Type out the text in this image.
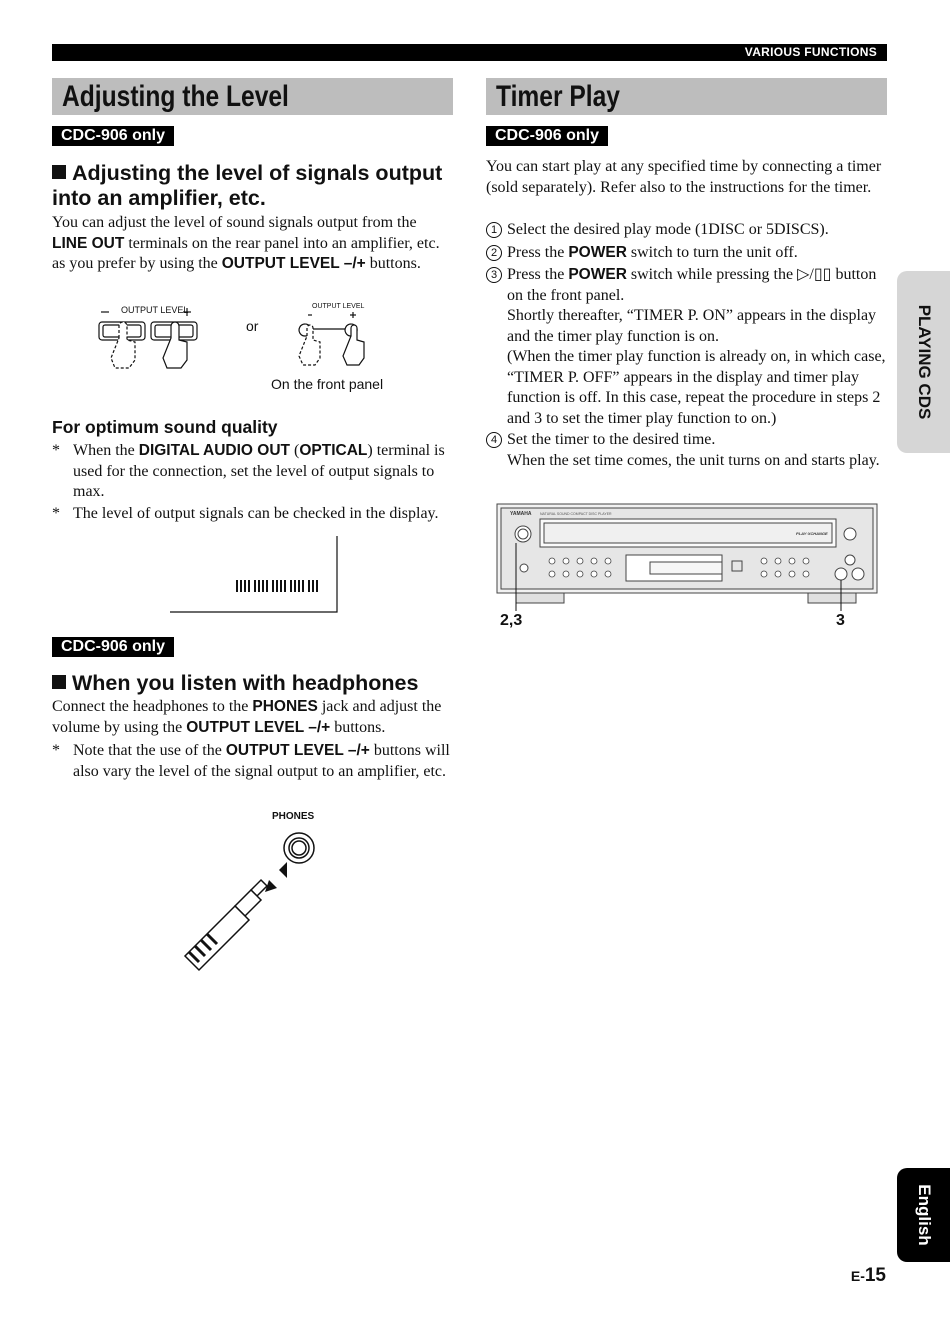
VARIOUS FUNCTIONS
Adjusting the Level
CDC-906 only
Adjusting the level of signals output into an amplifier, etc.
You can adjust the level of sound signals output from the LINE OUT terminals on the rear panel into an amplifier, etc. as you prefer by using the OUTPUT LEVEL –/+ buttons.
OUTPUT LEVEL
or
OUTPUT LEVEL
On the front panel
For optimum sound quality
* When the DIGITAL AUDIO OUT (OPTICAL) terminal is used for the connection, set the level of output signals to max.
* The level of output signals can be checked in the display.
CDC-906 only
When you listen with headphones
Connect the headphones to the PHONES jack and adjust the volume by using the OUTPUT LEVEL –/+ buttons.
* Note that the use of the OUTPUT LEVEL –/+ buttons will also vary the level of the signal output to an amplifier, etc.
PHONES
Timer Play
CDC-906 only
You can start play at any specified time by connecting a timer (sold separately). Refer also to the instructions for the timer.
1 Select the desired play mode (1DISC or 5DISCS).
2 Press the POWER switch to turn the unit off.
3 Press the POWER switch while pressing the ▷/▯▯ button on the front panel.
Shortly thereafter, “TIMER P. ON” appears in the display and the timer play function is on.
(When the timer play function is already on, in which case, “TIMER P. OFF” appears in the display and timer play function is off. In this case, repeat the procedure in steps 2 and 3 to set the timer play function to on.)
4 Set the timer to the desired time.
When the set time comes, the unit turns on and starts play.
YAMAHA NATURAL SOUND COMPACT DISC PLAYER
PLAY·XCHANGE
2,3	3
PLAYING CDS
English
E-15
